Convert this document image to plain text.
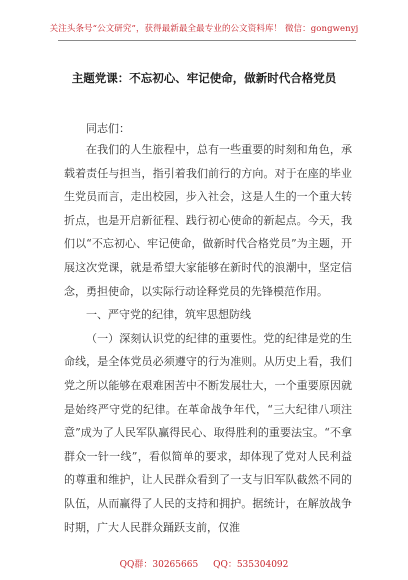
关注头条号“公文研究”，获得最新最全最专业的公文资料库！ 微信：gongwenyj
主题党课：不忘初心、牢记使命，做新时代合格党员
同志们：

在我们的人生旅程中，总有一些重要的时刻和角色，承载着责任与担当，指引着我们前行的方向。对于在座的毕业生党员而言，走出校园，步入社会，这是人生的一个重大转折点，也是开启新征程、践行初心使命的新起点。今天，我们以“不忘初心、牢记使命，做新时代合格党员”为主题，开展这次党课，就是希望大家能够在新时代的浪潮中，坚定信念，勇担使命，以实际行动诠释党员的先锋模范作用。

一、严守党的纪律，筑牢思想防线

（一）深刻认识党的纪律的重要性。党的纪律是党的生命线，是全体党员必须遵守的行为准则。从历史上看，我们党之所以能够在艰难困苦中不断发展壮大，一个重要原因就是始终严守党的纪律。在革命战争年代，“三大纪律八项注意”成为了人民军队赢得民心、取得胜利的重要法宝。“不拿群众一针一线”，看似简单的要求，却体现了党对人民利益的尊重和维护，让人民群众看到了一支与旧军队截然不同的队伍，从而赢得了人民的支持和拥护。据统计，在解放战争时期，广大人民群众踊跃支前，仅淮

QQ群：30265665 QQ：535304092
